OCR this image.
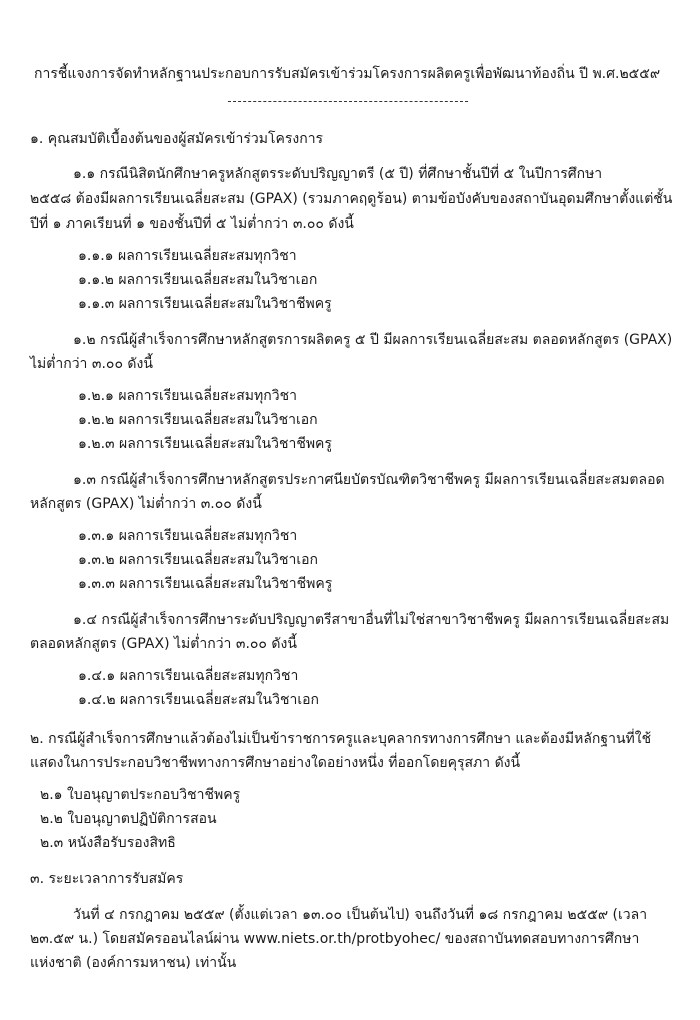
การชี้แจงการจัดทำหลักฐานประกอบการรับสมัครเข้าร่วมโครงการผลิตครูเพื่อพัฒนาท้องถิ่น ปี พ.ศ.๒๕๕๙
๑. คุณสมบัติเบื้องต้นของผู้สมัครเข้าร่วมโครงการ
๑.๑ กรณีนิสิตนักศึกษาครูหลักสูตรระดับปริญญาตรี (๕ ปี) ที่ศึกษาชั้นปีที่ ๕ ในปีการศึกษา
๒๕๕๘ ต้องมีผลการเรียนเฉลี่ยสะสม (GPAX) (รวมภาคฤดูร้อน) ตามข้อบังคับของสถาบันอุดมศึกษาตั้งแต่ชั้น
ปีที่ ๑ ภาคเรียนที่ ๑ ของชั้นปีที่ ๕ ไม่ต่ำกว่า ๓.๐๐ ดังนี้
๑.๑.๑ ผลการเรียนเฉลี่ยสะสมทุกวิชา
๑.๑.๒ ผลการเรียนเฉลี่ยสะสมในวิชาเอก
๑.๑.๓ ผลการเรียนเฉลี่ยสะสมในวิชาชีพครู
๑.๒ กรณีผู้สำเร็จการศึกษาหลักสูตรการผลิตครู ๕ ปี มีผลการเรียนเฉลี่ยสะสม ตลอดหลักสูตร (GPAX)
ไม่ต่ำกว่า ๓.๐๐ ดังนี้
๑.๒.๑ ผลการเรียนเฉลี่ยสะสมทุกวิชา
๑.๒.๒ ผลการเรียนเฉลี่ยสะสมในวิชาเอก
๑.๒.๓ ผลการเรียนเฉลี่ยสะสมในวิชาชีพครู
๑.๓ กรณีผู้สำเร็จการศึกษาหลักสูตรประกาศนียบัตรบัณฑิตวิชาชีพครู มีผลการเรียนเฉลี่ยสะสมตลอด
หลักสูตร (GPAX) ไม่ต่ำกว่า ๓.๐๐ ดังนี้
๑.๓.๑ ผลการเรียนเฉลี่ยสะสมทุกวิชา
๑.๓.๒ ผลการเรียนเฉลี่ยสะสมในวิชาเอก
๑.๓.๓ ผลการเรียนเฉลี่ยสะสมในวิชาชีพครู
๑.๔ กรณีผู้สำเร็จการศึกษาระดับปริญญาตรีสาขาอื่นที่ไม่ใช่สาขาวิชาชีพครู มีผลการเรียนเฉลี่ยสะสม
ตลอดหลักสูตร (GPAX) ไม่ต่ำกว่า ๓.๐๐ ดังนี้
๑.๔.๑ ผลการเรียนเฉลี่ยสะสมทุกวิชา
๑.๔.๒ ผลการเรียนเฉลี่ยสะสมในวิชาเอก
๒. กรณีผู้สำเร็จการศึกษาแล้วต้องไม่เป็นข้าราชการครูและบุคลากรทางการศึกษา และต้องมีหลักฐานที่ใช้
แสดงในการประกอบวิชาชีพทางการศึกษาอย่างใดอย่างหนึ่ง ที่ออกโดยคุรุสภา ดังนี้
๒.๑ ใบอนุญาตประกอบวิชาชีพครู
๒.๒ ใบอนุญาตปฏิบัติการสอน
๒.๓ หนังสือรับรองสิทธิ
๓. ระยะเวลาการรับสมัคร
วันที่ ๔ กรกฎาคม ๒๕๕๙ (ตั้งแต่เวลา ๑๓.๐๐ เป็นต้นไป) จนถึงวันที่ ๑๘ กรกฎาคม ๒๕๕๙ (เวลา
๒๓.๕๙ น.) โดยสมัครออนไลน์ผ่าน www.niets.or.th/protbyohec/ ของสถาบันทดสอบทางการศึกษา
แห่งชาติ (องค์การมหาชน) เท่านั้น
